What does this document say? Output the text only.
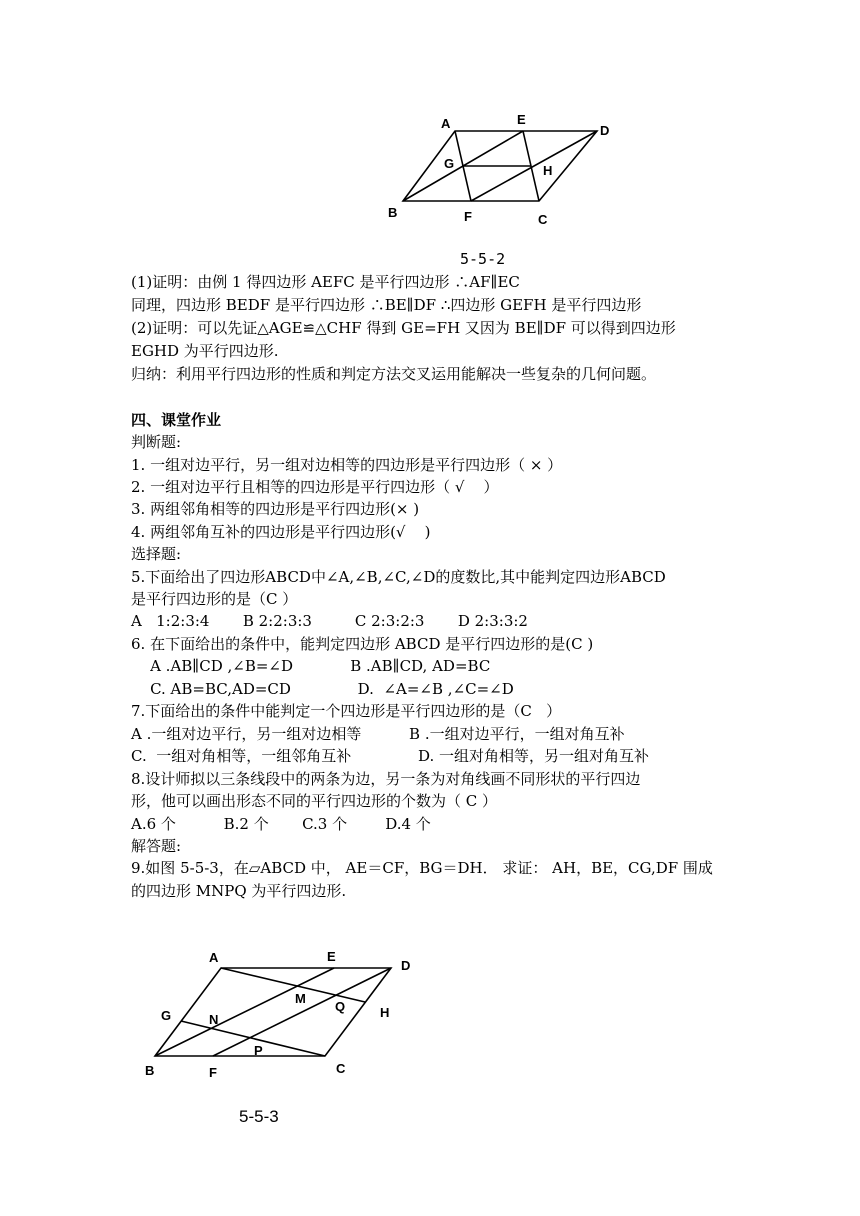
A	E
D
G	H
B	F	C
5-5-2
(1)证明：由例 1 得四边形 AEFC 是平行四边形 ∴AF∥EC
同理，四边形 BEDF 是平行四边形 ∴BE∥DF ∴四边形 GEFH 是平行四边形
(2)证明：可以先证△AGE≌△CHF 得到 GE=FH 又因为 BE∥DF 可以得到四边形
EGHD 为平行四边形.
归纳：利用平行四边形的性质和判定方法交叉运用能解决一些复杂的几何问题。
四、课堂作业
判断题:
1. 一组对边平行，另一组对边相等的四边形是平行四边形（ × ）
2. 一组对边平行且相等的四边形是平行四边形（ √    ）
3. 两组邻角相等的四边形是平行四边形(× )
4. 两组邻角互补的四边形是平行四边形(√    )
选择题:
5.下面给出了四边形ABCD中∠A,∠B,∠C,∠D的度数比,其中能判定四边形ABCD
是平行四边形的是（C ）
A   1:2:3:4       B 2:2:3:3         C 2:3:2:3       D 2:3:3:2
6. 在下面给出的条件中，能判定四边形 ABCD 是平行四边形的是(C )
A .AB∥CD ,∠B=∠D            B .AB∥CD, AD=BC
C. AB=BC,AD=CD              D.  ∠A=∠B ,∠C=∠D
7.下面给出的条件中能判定一个四边形是平行四边形的是（C   ）
A .一组对边平行，另一组对边相等          B .一组对边平行，一组对角互补
C.  一组对角相等，一组邻角互补              D. 一组对角相等，另一组对角互补
8.设计师拟以三条线段中的两条为边，另一条为对角线画不同形状的平行四边
形，他可以画出形态不同的平行四边形的个数为（ C ）
A.6 个          B.2 个       C.3 个        D.4 个
解答题:
9.如图 5-5-3，在▱ABCD 中， AE＝CF，BG＝DH． 求证： AH，BE，CG,DF 围成
的四边形 MNPQ 为平行四边形.
A	E
D
M
Q	H
G	N
P
B	F	C
5-5-3
